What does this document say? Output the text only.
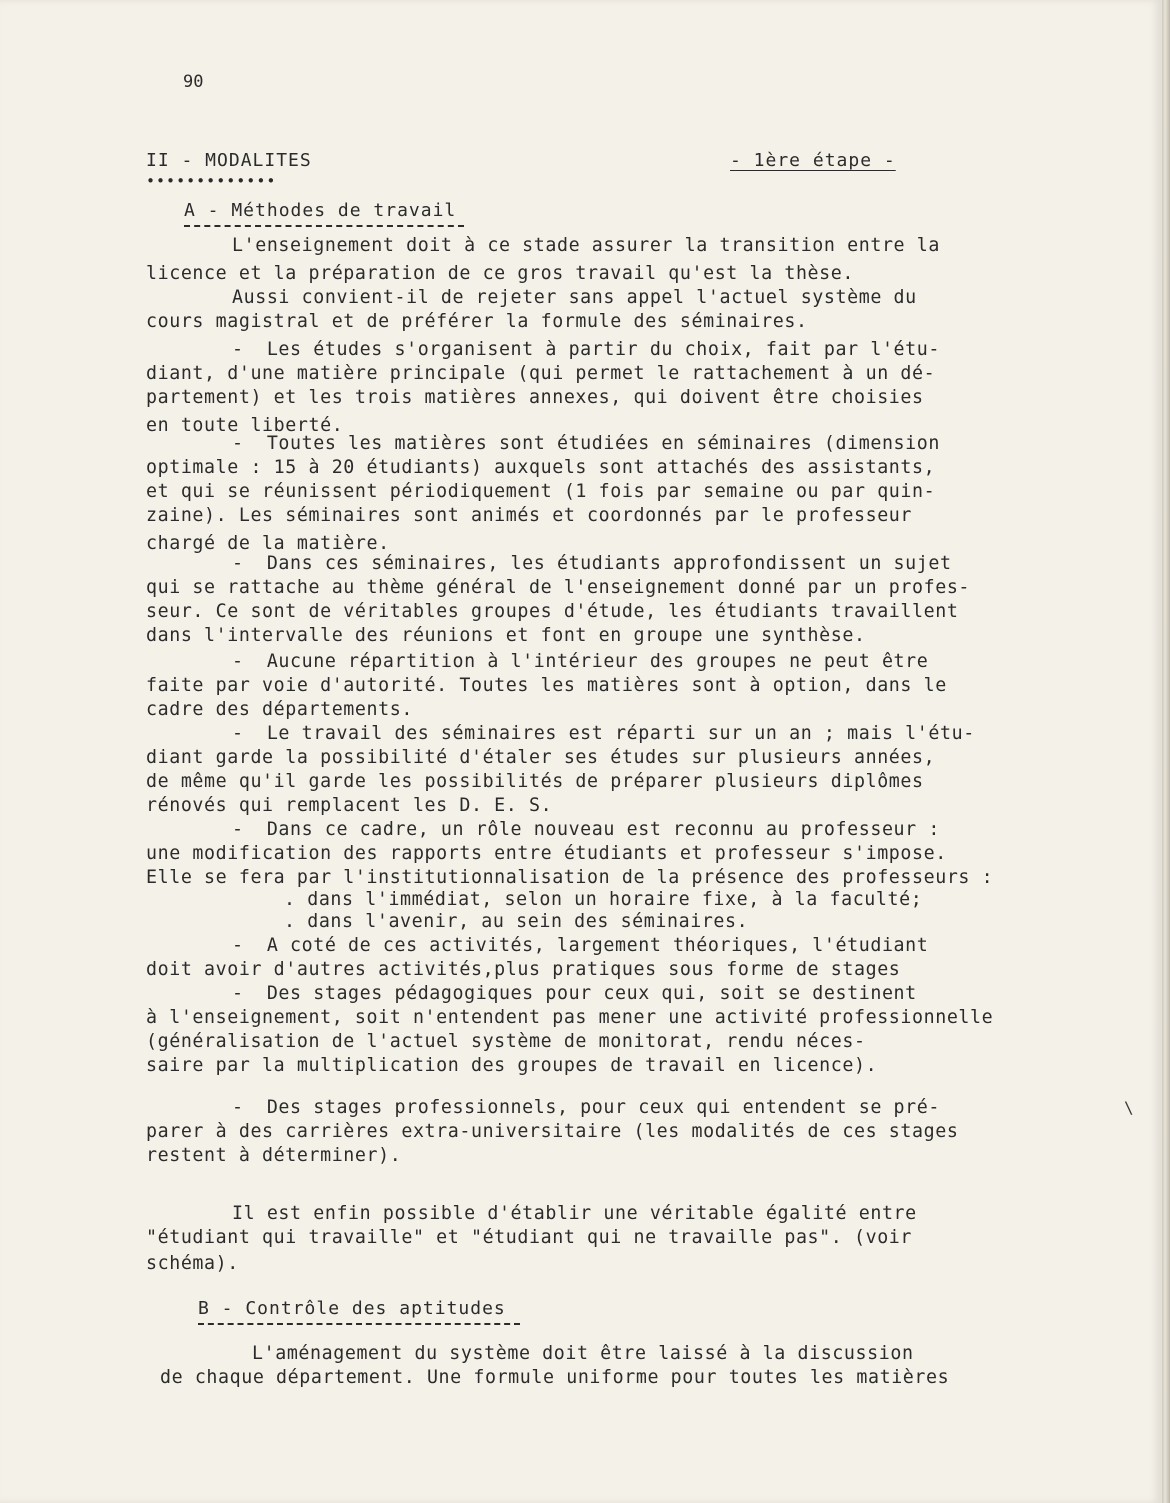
90
II - MODALITES
•••••••••••••
- 1ère étape -
A - Méthodes de travail
L'enseignement doit à ce stade assurer la transition entre la
licence et la préparation de ce gros travail qu'est la thèse.
Aussi convient-il de rejeter sans appel l'actuel système du
cours magistral et de préférer la formule des séminaires.
-  Les études s'organisent à partir du choix, fait par l'étu-
diant, d'une matière principale (qui permet le rattachement à un dé-
partement) et les trois matières annexes, qui doivent être choisies
en toute liberté.
-  Toutes les matières sont étudiées en séminaires (dimension
optimale : 15 à 20 étudiants) auxquels sont attachés des assistants,
et qui se réunissent périodiquement (1 fois par semaine ou par quin-
zaine). Les séminaires sont animés et coordonnés par le professeur
chargé de la matière.
-  Dans ces séminaires, les étudiants approfondissent un sujet
qui se rattache au thème général de l'enseignement donné par un profes-
seur. Ce sont de véritables groupes d'étude, les étudiants travaillent
dans l'intervalle des réunions et font en groupe une synthèse.
-  Aucune répartition à l'intérieur des groupes ne peut être
faite par voie d'autorité. Toutes les matières sont à option, dans le
cadre des départements.
-  Le travail des séminaires est réparti sur un an ; mais l'étu-
diant garde la possibilité d'étaler ses études sur plusieurs années,
de même qu'il garde les possibilités de préparer plusieurs diplômes
rénovés qui remplacent les D. E. S.
-  Dans ce cadre, un rôle nouveau est reconnu au professeur :
une modification des rapports entre étudiants et professeur s'impose.
Elle se fera par l'institutionnalisation de la présence des professeurs :
. dans l'immédiat, selon un horaire fixe, à la faculté;
. dans l'avenir, au sein des séminaires.
-  A coté de ces activités, largement théoriques, l'étudiant
doit avoir d'autres activités,plus pratiques sous forme de stages
-  Des stages pédagogiques pour ceux qui, soit se destinent
à l'enseignement, soit n'entendent pas mener une activité professionnelle
(généralisation de l'actuel système de monitorat, rendu néces-
saire par la multiplication des groupes de travail en licence).
-  Des stages professionnels, pour ceux qui entendent se pré-
parer à des carrières extra-universitaire (les modalités de ces stages
restent à déterminer).
Il est enfin possible d'établir une véritable égalité entre
"étudiant qui travaille" et "étudiant qui ne travaille pas". (voir
schéma).
B - Contrôle des aptitudes
L'aménagement du système doit être laissé à la discussion
de chaque département. Une formule uniforme pour toutes les matières
\
